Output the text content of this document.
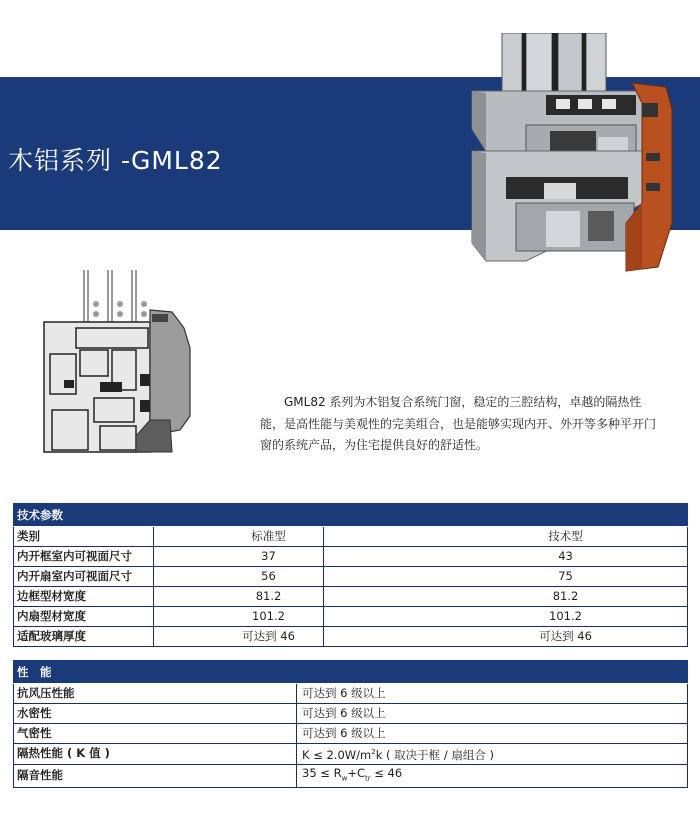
木铝系列 -GML82

GML82 系列为木铝复合系统门窗，稳定的三腔结构，卓越的隔热性能，是高性能与美观性的完美组合，也是能够实现内开、外开等多种平开门窗的系统产品，为住宅提供良好的舒适性。

技术参数		
类别	标准型	技术型
内开框室内可视面尺寸	37	43
内开扇室内可视面尺寸	56	75
边框型材宽度	81.2	81.2
内扇型材宽度	101.2	101.2
适配玻璃厚度	可达到 46	可达到 46
性　能	
抗风压性能	可达到 6 级以上
水密性	可达到 6 级以上
气密性	可达到 6 级以上
隔热性能 ( K 值 )	$K \le 2.0W/m^2k$ ( 取决于框 / 扇组合 )
隔音性能	$35 \le R_w+C_{tr} \le 46$
